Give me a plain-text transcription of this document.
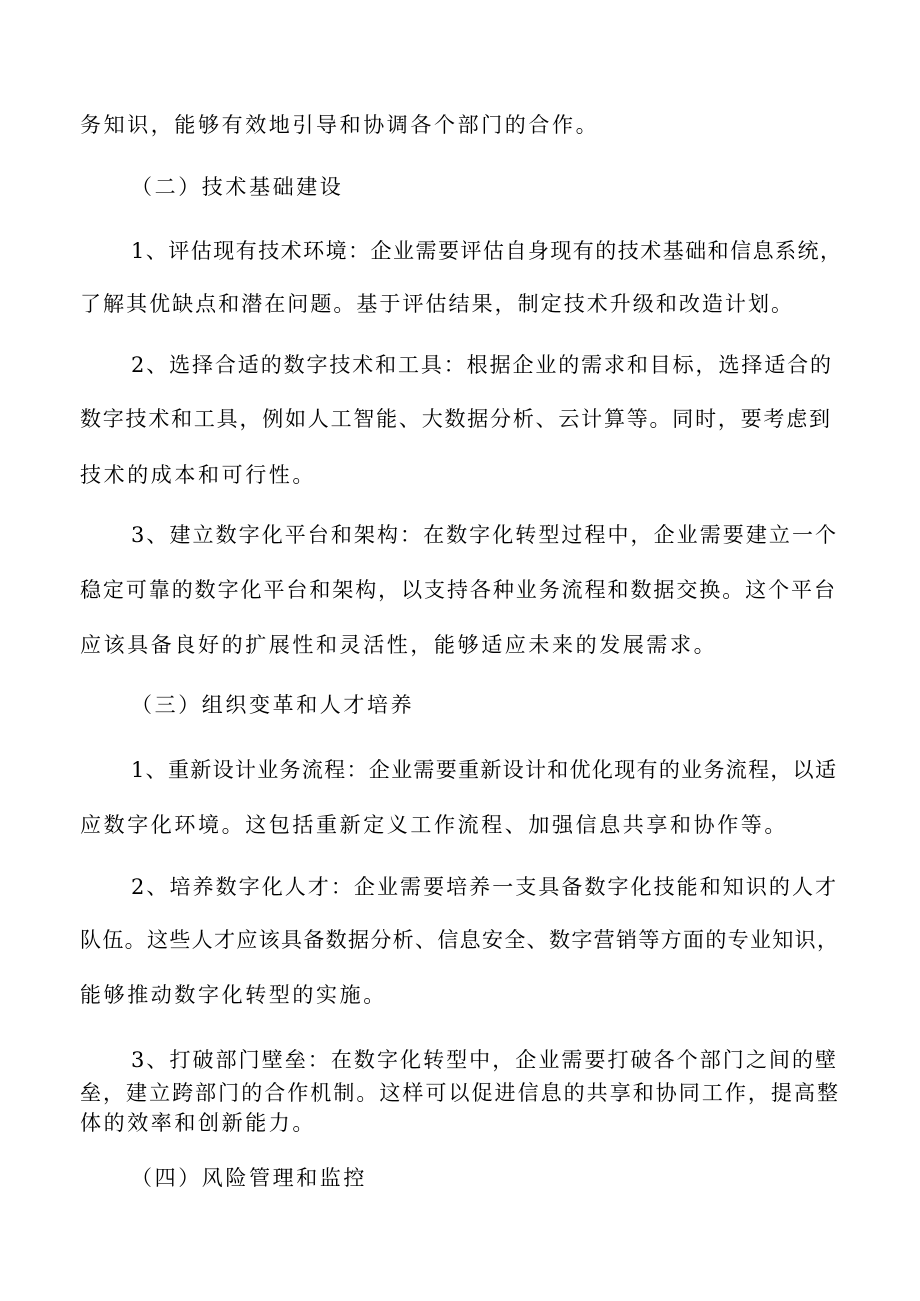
务知识，能够有效地引导和协调各个部门的合作。
（二）技术基础建设
1、评估现有技术环境：企业需要评估自身现有的技术基础和信息系统，
了解其优缺点和潜在问题。基于评估结果，制定技术升级和改造计划。
2、选择合适的数字技术和工具：根据企业的需求和目标，选择适合的
数字技术和工具，例如人工智能、大数据分析、云计算等。同时，要考虑到
技术的成本和可行性。
3、建立数字化平台和架构：在数字化转型过程中，企业需要建立一个
稳定可靠的数字化平台和架构，以支持各种业务流程和数据交换。这个平台
应该具备良好的扩展性和灵活性，能够适应未来的发展需求。
（三）组织变革和人才培养
1、重新设计业务流程：企业需要重新设计和优化现有的业务流程，以适
应数字化环境。这包括重新定义工作流程、加强信息共享和协作等。
2、培养数字化人才：企业需要培养一支具备数字化技能和知识的人才
队伍。这些人才应该具备数据分析、信息安全、数字营销等方面的专业知识，
能够推动数字化转型的实施。
3、打破部门壁垒：在数字化转型中，企业需要打破各个部门之间的壁
垒，建立跨部门的合作机制。这样可以促进信息的共享和协同工作，提高整
体的效率和创新能力。
（四）风险管理和监控
